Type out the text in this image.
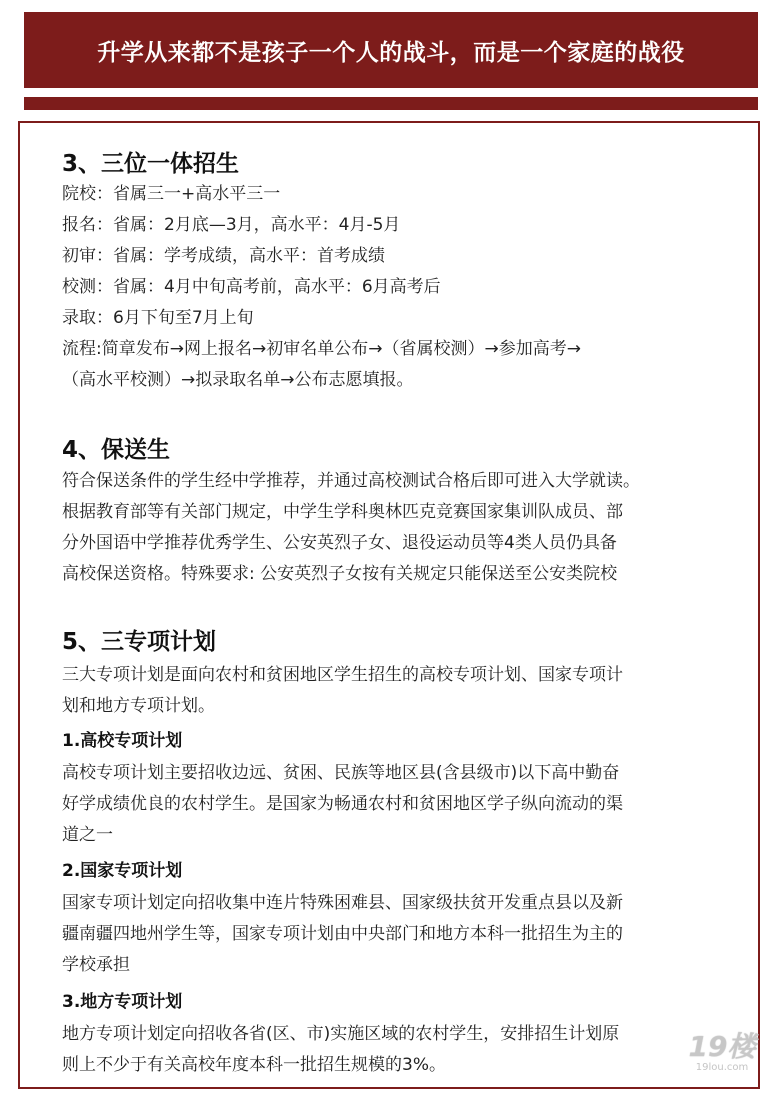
升学从来都不是孩子一个人的战斗，而是一个家庭的战役
3、三位一体招生
院校：省属三一+高水平三一
报名：省属：2月底—3月，高水平：4月-5月
初审：省属：学考成绩，高水平：首考成绩
校测：省属：4月中旬高考前，高水平：6月高考后
录取：6月下旬至7月上旬
流程:简章发布→网上报名→初审名单公布→（省属校测）→参加高考→
（高水平校测）→拟录取名单→公布志愿填报。
4、保送生
符合保送条件的学生经中学推荐，并通过高校测试合格后即可进入大学就读。
根据教育部等有关部门规定，中学生学科奥林匹克竞赛国家集训队成员、部
分外国语中学推荐优秀学生、公安英烈子女、退役运动员等4类人员仍具备
高校保送资格。特殊要求: 公安英烈子女按有关规定只能保送至公安类院校
5、三专项计划
三大专项计划是面向农村和贫困地区学生招生的高校专项计划、国家专项计
划和地方专项计划。
1.高校专项计划
高校专项计划主要招收边远、贫困、民族等地区县(含县级市)以下高中勤奋
好学成绩优良的农村学生。是国家为畅通农村和贫困地区学子纵向流动的渠
道之一
2.国家专项计划
国家专项计划定向招收集中连片特殊困难县、国家级扶贫开发重点县以及新
疆南疆四地州学生等，国家专项计划由中央部门和地方本科一批招生为主的
学校承担
3.地方专项计划
地方专项计划定向招收各省(区、市)实施区域的农村学生，安排招生计划原
则上不少于有关高校年度本科一批招生规模的3%。
19楼
19lou.com
